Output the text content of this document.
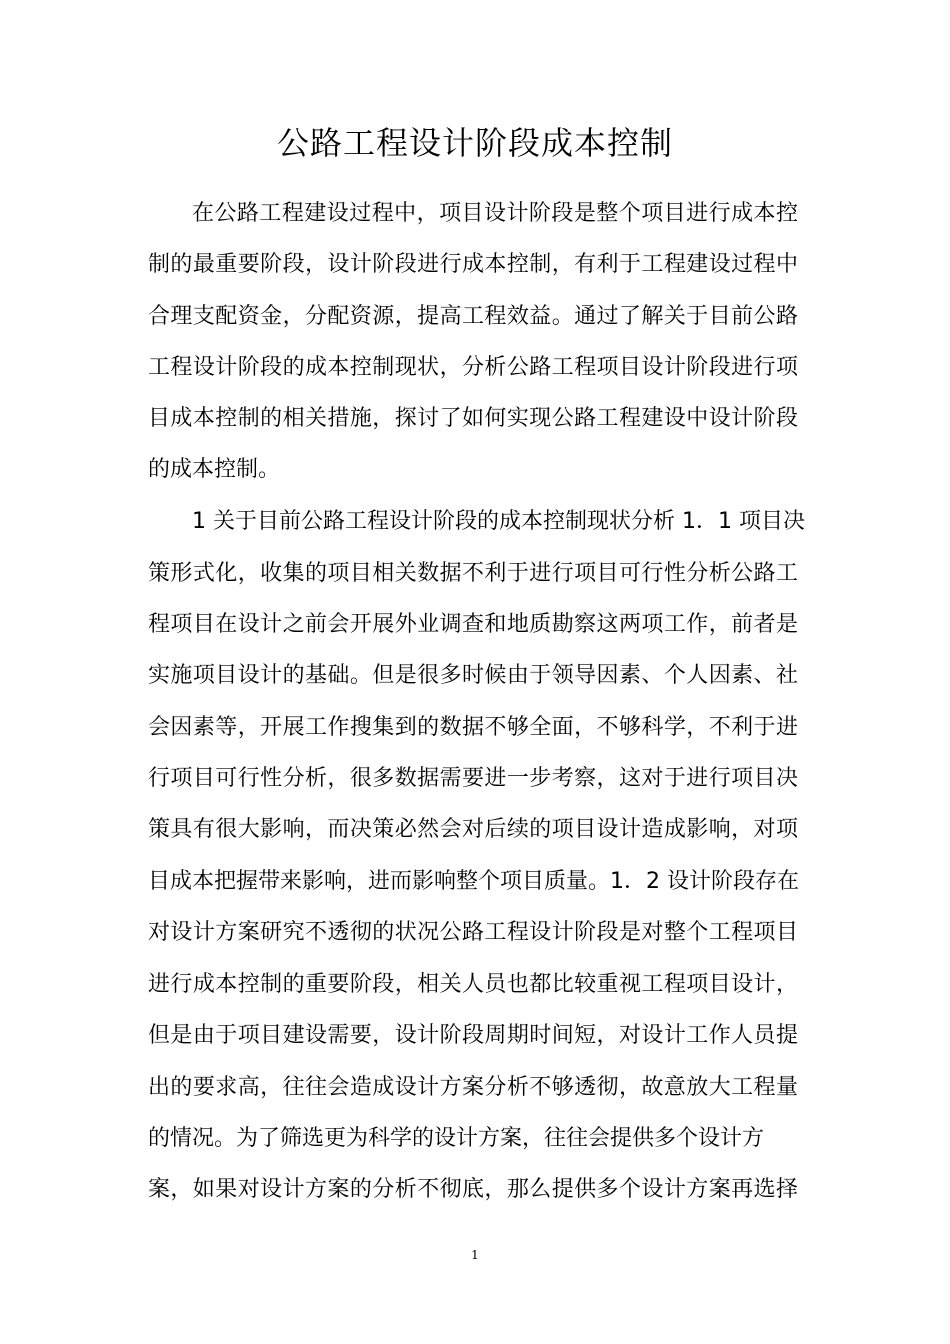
公路工程设计阶段成本控制
在公路工程建设过程中，项目设计阶段是整个项目进行成本控
制的最重要阶段，设计阶段进行成本控制，有利于工程建设过程中
合理支配资金，分配资源，提高工程效益。通过了解关于目前公路
工程设计阶段的成本控制现状，分析公路工程项目设计阶段进行项
目成本控制的相关措施，探讨了如何实现公路工程建设中设计阶段
的成本控制。
1 关于目前公路工程设计阶段的成本控制现状分析 1．1 项目决
策形式化，收集的项目相关数据不利于进行项目可行性分析公路工
程项目在设计之前会开展外业调查和地质勘察这两项工作，前者是
实施项目设计的基础。但是很多时候由于领导因素、个人因素、社
会因素等，开展工作搜集到的数据不够全面，不够科学，不利于进
行项目可行性分析，很多数据需要进一步考察，这对于进行项目决
策具有很大影响，而决策必然会对后续的项目设计造成影响，对项
目成本把握带来影响，进而影响整个项目质量。1．2 设计阶段存在
对设计方案研究不透彻的状况公路工程设计阶段是对整个工程项目
进行成本控制的重要阶段，相关人员也都比较重视工程项目设计，
但是由于项目建设需要，设计阶段周期时间短，对设计工作人员提
出的要求高，往往会造成设计方案分析不够透彻，故意放大工程量
的情况。为了筛选更为科学的设计方案，往往会提供多个设计方
案，如果对设计方案的分析不彻底，那么提供多个设计方案再选择
1
